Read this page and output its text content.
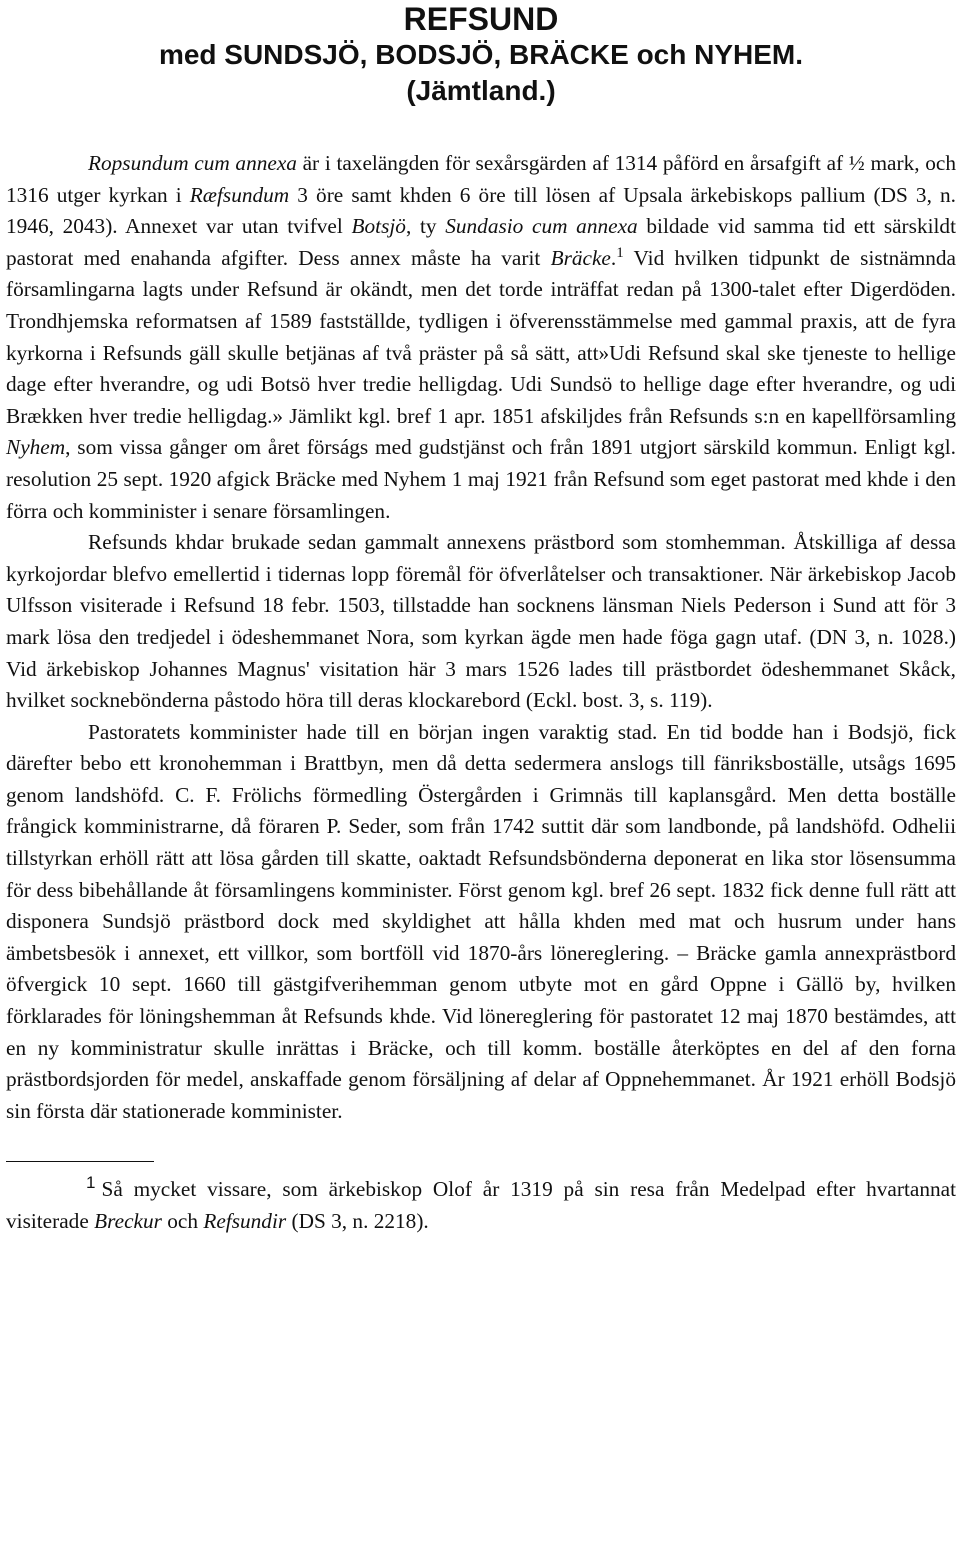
REFSUND
med SUNDSJÖ, BODSJÖ, BRÄCKE och NYHEM.
(Jämtland.)

Ropsundum cum annexa är i taxelängden för sexårsgärden af 1314 påförd en årsafgift af ½ mark, och 1316 utger kyrkan i Ræfsundum 3 öre samt khden 6 öre till lösen af Upsala ärkebiskops pallium (DS 3, n. 1946, 2043). Annexet var utan tvifvel Botsjö, ty Sundasio cum annexa bildade vid samma tid ett särskildt pastorat med enahanda afgifter. Dess annex måste ha varit Bräcke.$^1$ Vid hvilken tidpunkt de sistnämnda församlingarna lagts under Refsund är okändt, men det torde inträffat redan på 1300-talet efter Digerdöden. Trondhjemska reformatsen af 1589 fastställde, tydligen i öfverensstämmelse med gammal praxis, att de fyra kyrkorna i Refsunds gäll skulle betjänas af två präster på så sätt, att»Udi Refsund skal ske tjeneste to hellige dage efter hverandre, og udi Botsö hver tredie helligdag. Udi Sundsö to hellige dage efter hverandre, og udi Brækken hver tredie helligdag.» Jämlikt kgl. bref 1 apr. 1851 afskiljdes från Refsunds s:n en kapellförsamling Nyhem, som vissa gånger om året förságs med gudstjänst och från 1891 utgjort särskild kommun. Enligt kgl. resolution 25 sept. 1920 afgick Bräcke med Nyhem 1 maj 1921 från Refsund som eget pastorat med khde i den förra och komminister i senare församlingen.

Refsunds khdar brukade sedan gammalt annexens prästbord som stomhemman. Åtskilliga af dessa kyrkojordar blefvo emellertid i tidernas lopp föremål för öfverlåtelser och transaktioner. När ärkebiskop Jacob Ulfsson visiterade i Refsund 18 febr. 1503, tillstadde han socknens länsman Niels Pederson i Sund att för 3 mark lösa den tredjedel i ödeshemmanet Nora, som kyrkan ägde men hade föga gagn utaf. (DN 3, n. 1028.) Vid ärkebiskop Johannes Magnus' visitation här 3 mars 1526 lades till prästbordet ödeshemmanet Skåck, hvilket socknebönderna påstodo höra till deras klockarebord (Eckl. bost. 3, s. 119).

Pastoratets komminister hade till en början ingen varaktig stad. En tid bodde han i Bodsjö, fick därefter bebo ett kronohemman i Brattbyn, men då detta sedermera anslogs till fänriksboställe, utsågs 1695 genom landshöfd. C. F. Frölichs förmedling Östergården i Grimnäs till kaplansgård. Men detta boställe frångick komministrarne, då föraren P. Seder, som från 1742 suttit där som landbonde, på landshöfd. Odhelii tillstyrkan erhöll rätt att lösa gården till skatte, oaktadt Refsundsbönderna deponerat en lika stor lösensumma för dess bibehållande åt församlingens komminister. Först genom kgl. bref 26 sept. 1832 fick denne full rätt att disponera Sundsjö prästbord dock med skyldighet att hålla khden med mat och husrum under hans ämbetsbesök i annexet, ett villkor, som bortföll vid 1870-års lönereglering. – Bräcke gamla annexprästbord öfvergick 10 sept. 1660 till gästgifverihemman genom utbyte mot en gård Oppne i Gällö by, hvilken förklarades för löningshemman åt Refsunds khde. Vid lönereglering för pastoratet 12 maj 1870 bestämdes, att en ny komministratur skulle inrättas i Bräcke, och till komm. boställe återköptes en del af den forna prästbordsjorden för medel, anskaffade genom försäljning af delar af Oppnehemmanet. År 1921 erhöll Bodsjö sin första där stationerade komminister.

$^1$ Så mycket vissare, som ärkebiskop Olof år 1319 på sin resa från Medelpad efter hvartannat visiterade Breckur och Refsundir (DS 3, n. 2218).
